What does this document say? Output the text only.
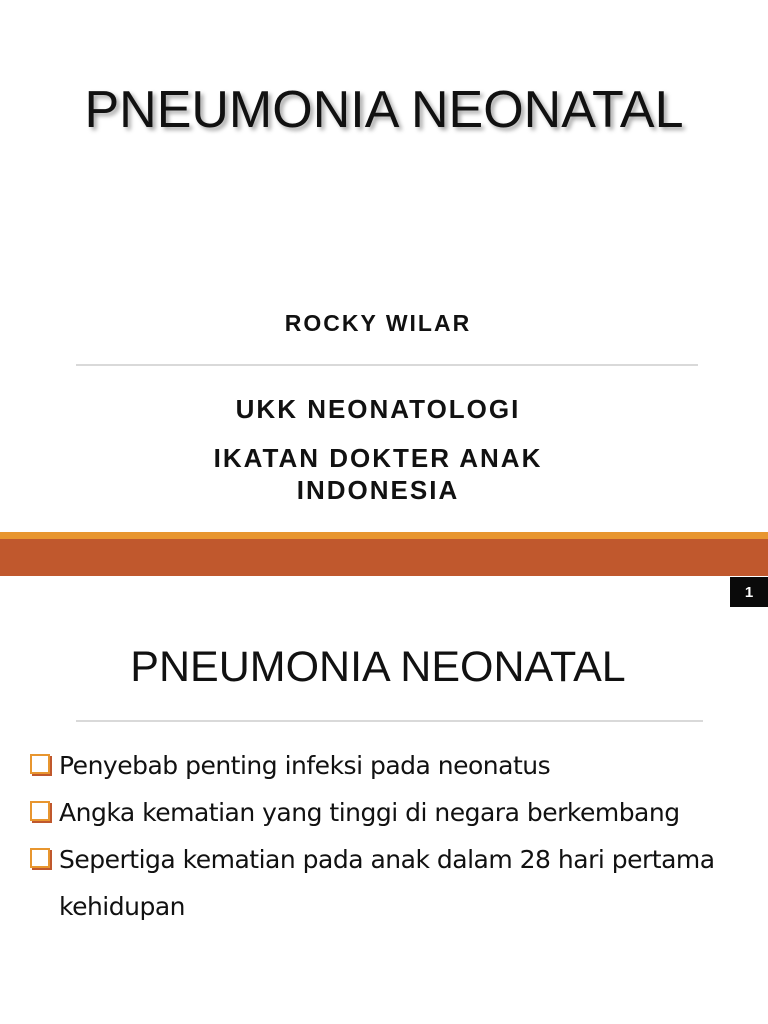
PNEUMONIA NEONATAL
ROCKY WILAR
UKK NEONATOLOGI
IKATAN DOKTER ANAK
INDONESIA
1
PNEUMONIA NEONATAL
Penyebab penting infeksi pada neonatus
Angka kematian yang tinggi di negara berkembang
Sepertiga kematian pada anak dalam 28 hari pertama kehidupan
